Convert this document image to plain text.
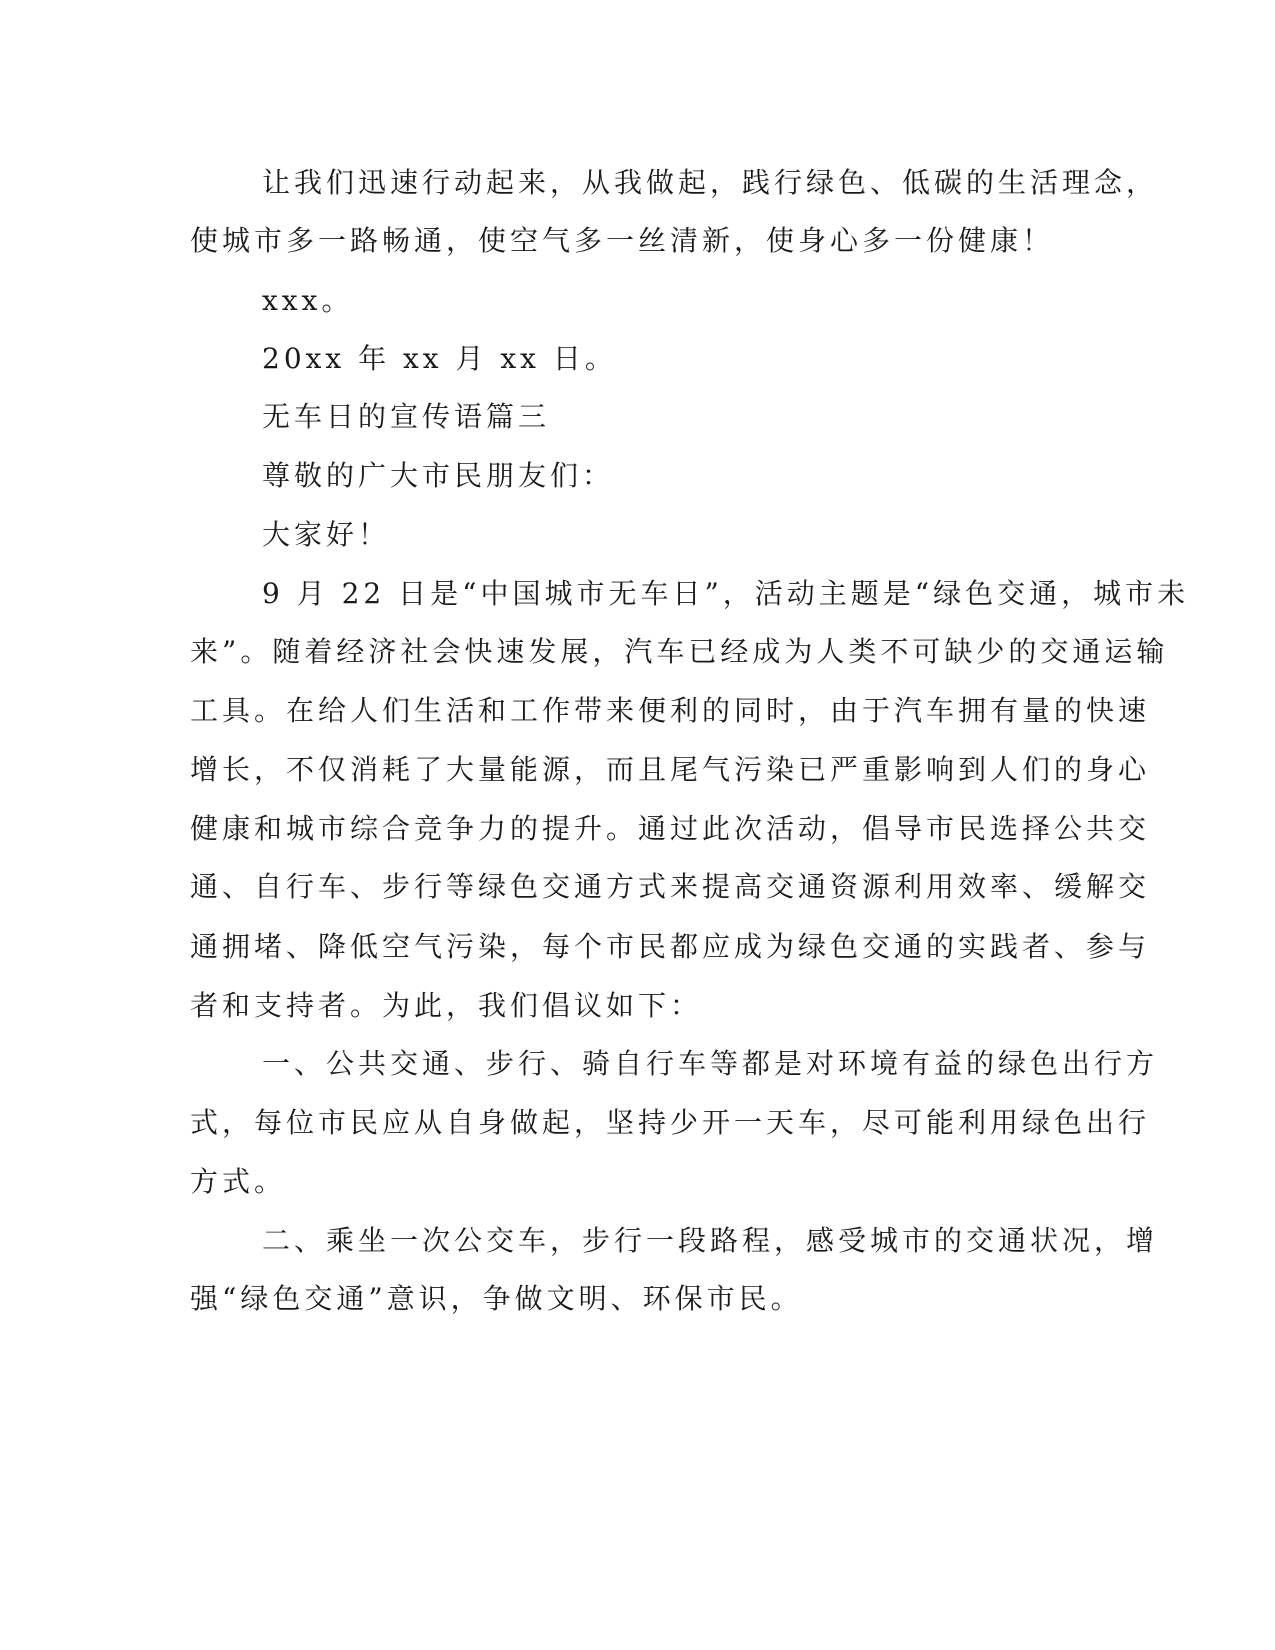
让我们迅速行动起来，从我做起，践行绿色、低碳的生活理念，
使城市多一路畅通，使空气多一丝清新，使身心多一份健康！
xxx。
20xx 年 xx 月 xx 日。
无车日的宣传语篇三
尊敬的广大市民朋友们：
大家好！
9 月 22 日是“中国城市无车日”，活动主题是“绿色交通，城市未
来”。随着经济社会快速发展，汽车已经成为人类不可缺少的交通运输
工具。在给人们生活和工作带来便利的同时，由于汽车拥有量的快速
增长，不仅消耗了大量能源，而且尾气污染已严重影响到人们的身心
健康和城市综合竞争力的提升。通过此次活动，倡导市民选择公共交
通、自行车、步行等绿色交通方式来提高交通资源利用效率、缓解交
通拥堵、降低空气污染，每个市民都应成为绿色交通的实践者、参与
者和支持者。为此，我们倡议如下：
一、公共交通、步行、骑自行车等都是对环境有益的绿色出行方
式，每位市民应从自身做起，坚持少开一天车，尽可能利用绿色出行
方式。
二、乘坐一次公交车，步行一段路程，感受城市的交通状况，增
强“绿色交通”意识，争做文明、环保市民。
